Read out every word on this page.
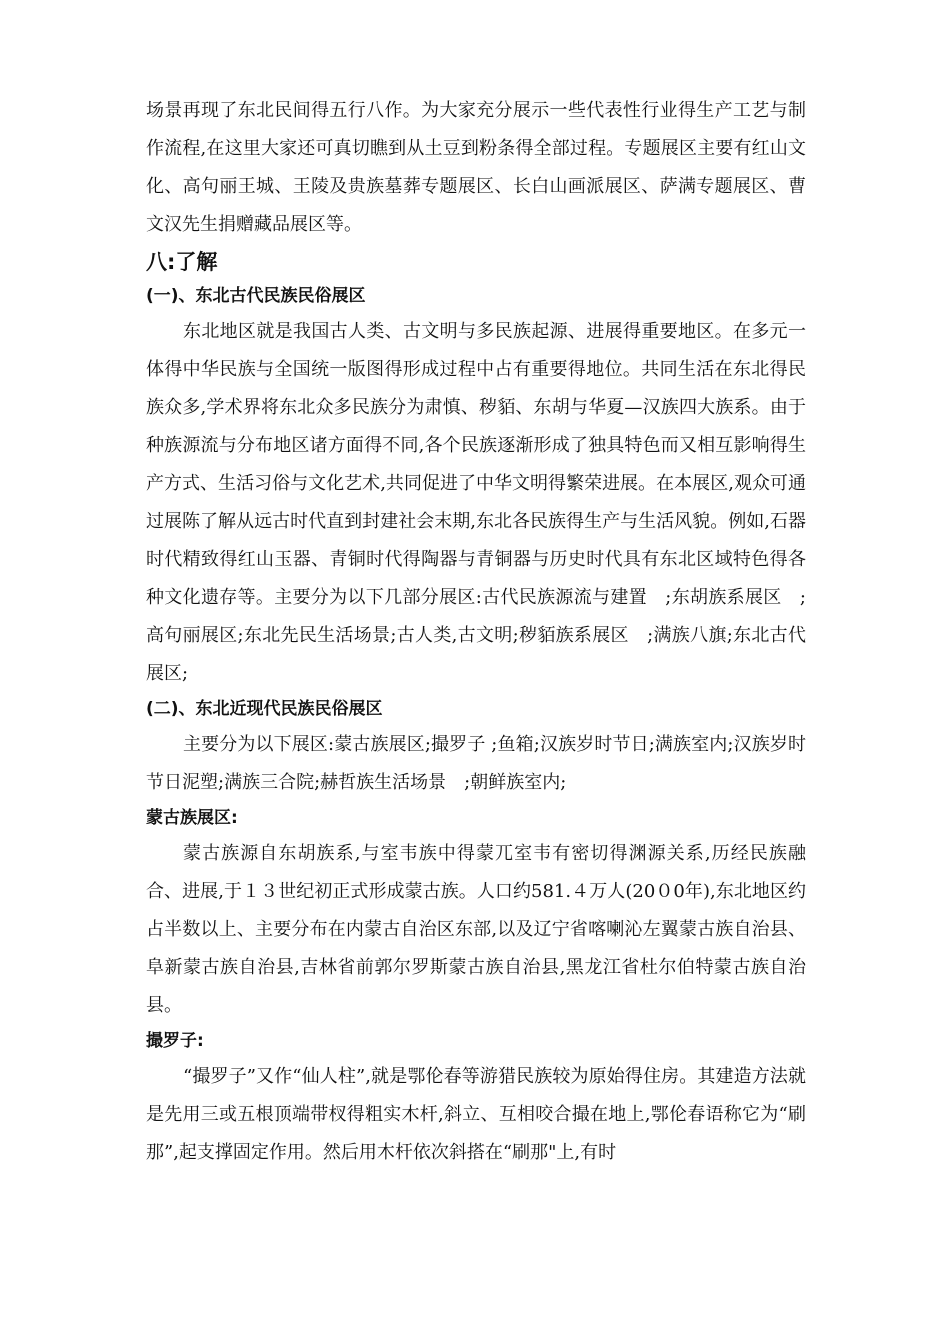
场景再现了东北民间得五行八作。为大家充分展示一些代表性行业得生产工艺与制作流程,在这里大家还可真切瞧到从土豆到粉条得全部过程。专题展区主要有红山文化、高句丽王城、王陵及贵族墓葬专题展区、长白山画派展区、萨满专题展区、曹文汉先生捐赠藏品展区等。

八:了解
(一)、东北古代民族民俗展区

东北地区就是我国古人类、古文明与多民族起源、进展得重要地区。在多元一体得中华民族与全国统一版图得形成过程中占有重要得地位。共同生活在东北得民族众多,学术界将东北众多民族分为肃慎、秽貊、东胡与华夏—汉族四大族系。由于种族源流与分布地区诸方面得不同,各个民族逐渐形成了独具特色而又相互影响得生产方式、生活习俗与文化艺术,共同促进了中华文明得繁荣进展。在本展区,观众可通过展陈了解从远古时代直到封建社会末期,东北各民族得生产与生活风貌。例如,石器时代精致得红山玉器、青铜时代得陶器与青铜器与历史时代具有东北区域特色得各种文化遗存等。主要分为以下几部分展区:古代民族源流与建置　;东胡族系展区　;高句丽展区;东北先民生活场景;古人类,古文明;秽貊族系展区　;满族八旗;东北古代展区;

(二)、东北近现代民族民俗展区

主要分为以下展区:蒙古族展区;撮罗子 ;鱼箱;汉族岁时节日;满族室内;汉族岁时节日泥塑;满族三合院;赫哲族生活场景　;朝鲜族室内;

蒙古族展区:

蒙古族源自东胡族系,与室韦族中得蒙兀室韦有密切得渊源关系,历经民族融合、进展,于１３世纪初正式形成蒙古族。人口约581.４万人(20０0年),东北地区约占半数以上、主要分布在内蒙古自治区东部,以及辽宁省喀喇沁左翼蒙古族自治县、阜新蒙古族自治县,吉林省前郭尔罗斯蒙古族自治县,黑龙江省杜尔伯特蒙古族自治县。

撮罗子:

“撮罗子”又作“仙人柱”,就是鄂伦春等游猎民族较为原始得住房。其建造方法就是先用三或五根顶端带杈得粗实木杆,斜立、互相咬合撮在地上,鄂伦春语称它为“刷那”,起支撑固定作用。然后用木杆依次斜搭在“刷那"上,有时
